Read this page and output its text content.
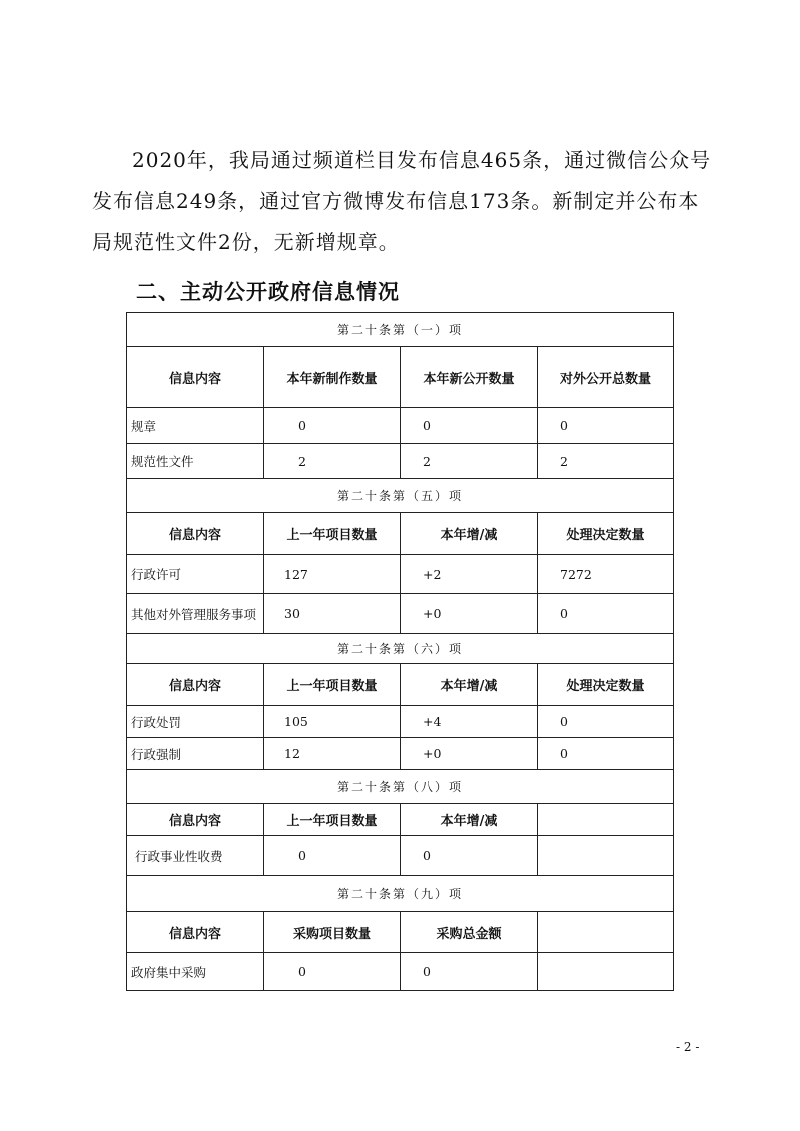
2020年，我局通过频道栏目发布信息465条，通过微信公众号
发布信息249条，通过官方微博发布信息173条。新制定并公布本
局规范性文件2份，无新增规章。

二、主动公开政府信息情况
第二十条第（一）项			
信息内容	本年新制作数量	本年新公开数量	对外公开总数量
规章	0	0	0
规范性文件	2	2	2
第二十条第（五）项			
信息内容	上一年项目数量	本年增/减	处理决定数量
行政许可	127	+2	7272
其他对外管理服务事项	30	+0	0
第二十条第（六）项			
信息内容	上一年项目数量	本年增/减	处理决定数量
行政处罚	105	+4	0
行政强制	12	+0	0
第二十条第（八）项			
信息内容	上一年项目数量	本年增/减	
行政事业性收费	0	0	
第二十条第（九）项			
信息内容	采购项目数量	采购总金额	
政府集中采购	0	0	
- 2 -
